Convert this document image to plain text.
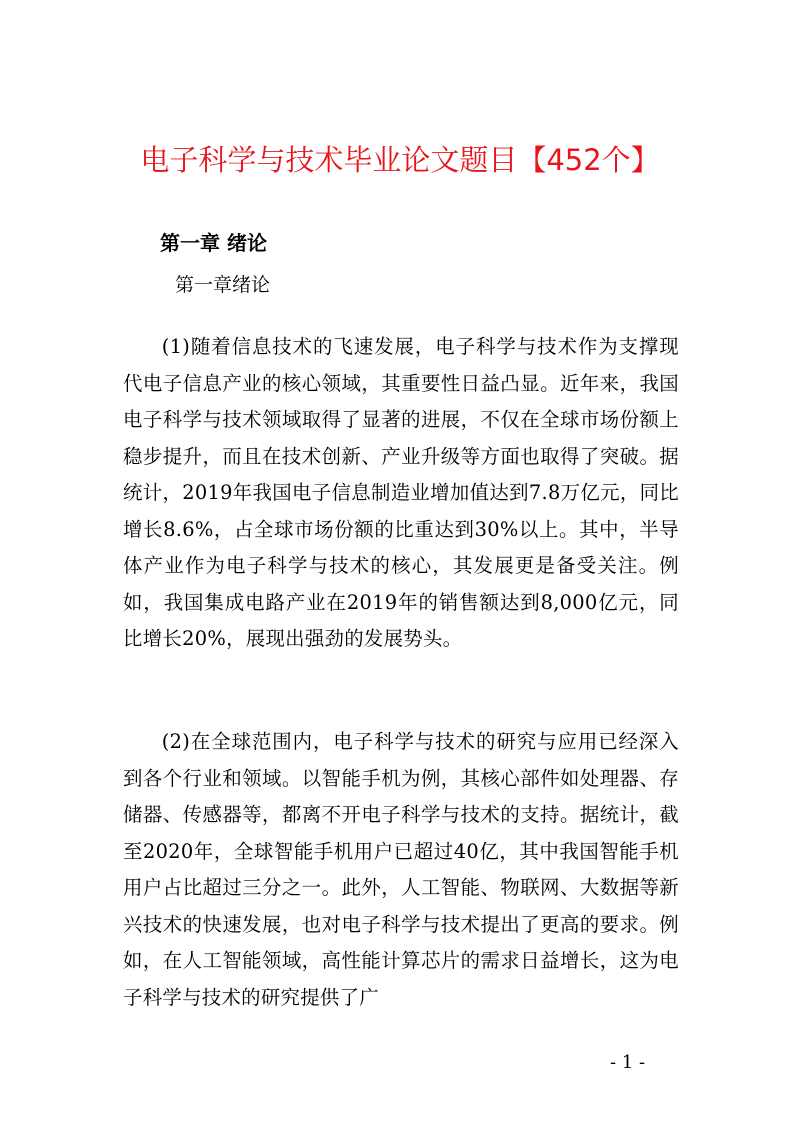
电子科学与技术毕业论文题目【452个】
第一章 绪论
第一章绪论

(1)随着信息技术的飞速发展，电子科学与技术作为支撑现代电子信息产业的核心领域，其重要性日益凸显。近年来，我国电子科学与技术领域取得了显著的进展，不仅在全球市场份额上稳步提升，而且在技术创新、产业升级等方面也取得了突破。据统计，2019年我国电子信息制造业增加值达到7.8万亿元，同比增长8.6%，占全球市场份额的比重达到30%以上。其中，半导体产业作为电子科学与技术的核心，其发展更是备受关注。例如，我国集成电路产业在2019年的销售额达到8,000亿元，同比增长20%，展现出强劲的发展势头。

(2)在全球范围内，电子科学与技术的研究与应用已经深入到各个行业和领域。以智能手机为例，其核心部件如处理器、存储器、传感器等，都离不开电子科学与技术的支持。据统计，截至2020年，全球智能手机用户已超过40亿，其中我国智能手机用户占比超过三分之一。此外，人工智能、物联网、大数据等新兴技术的快速发展，也对电子科学与技术提出了更高的要求。例如，在人工智能领域，高性能计算芯片的需求日益增长，这为电子科学与技术的研究提供了广

- 1 -
